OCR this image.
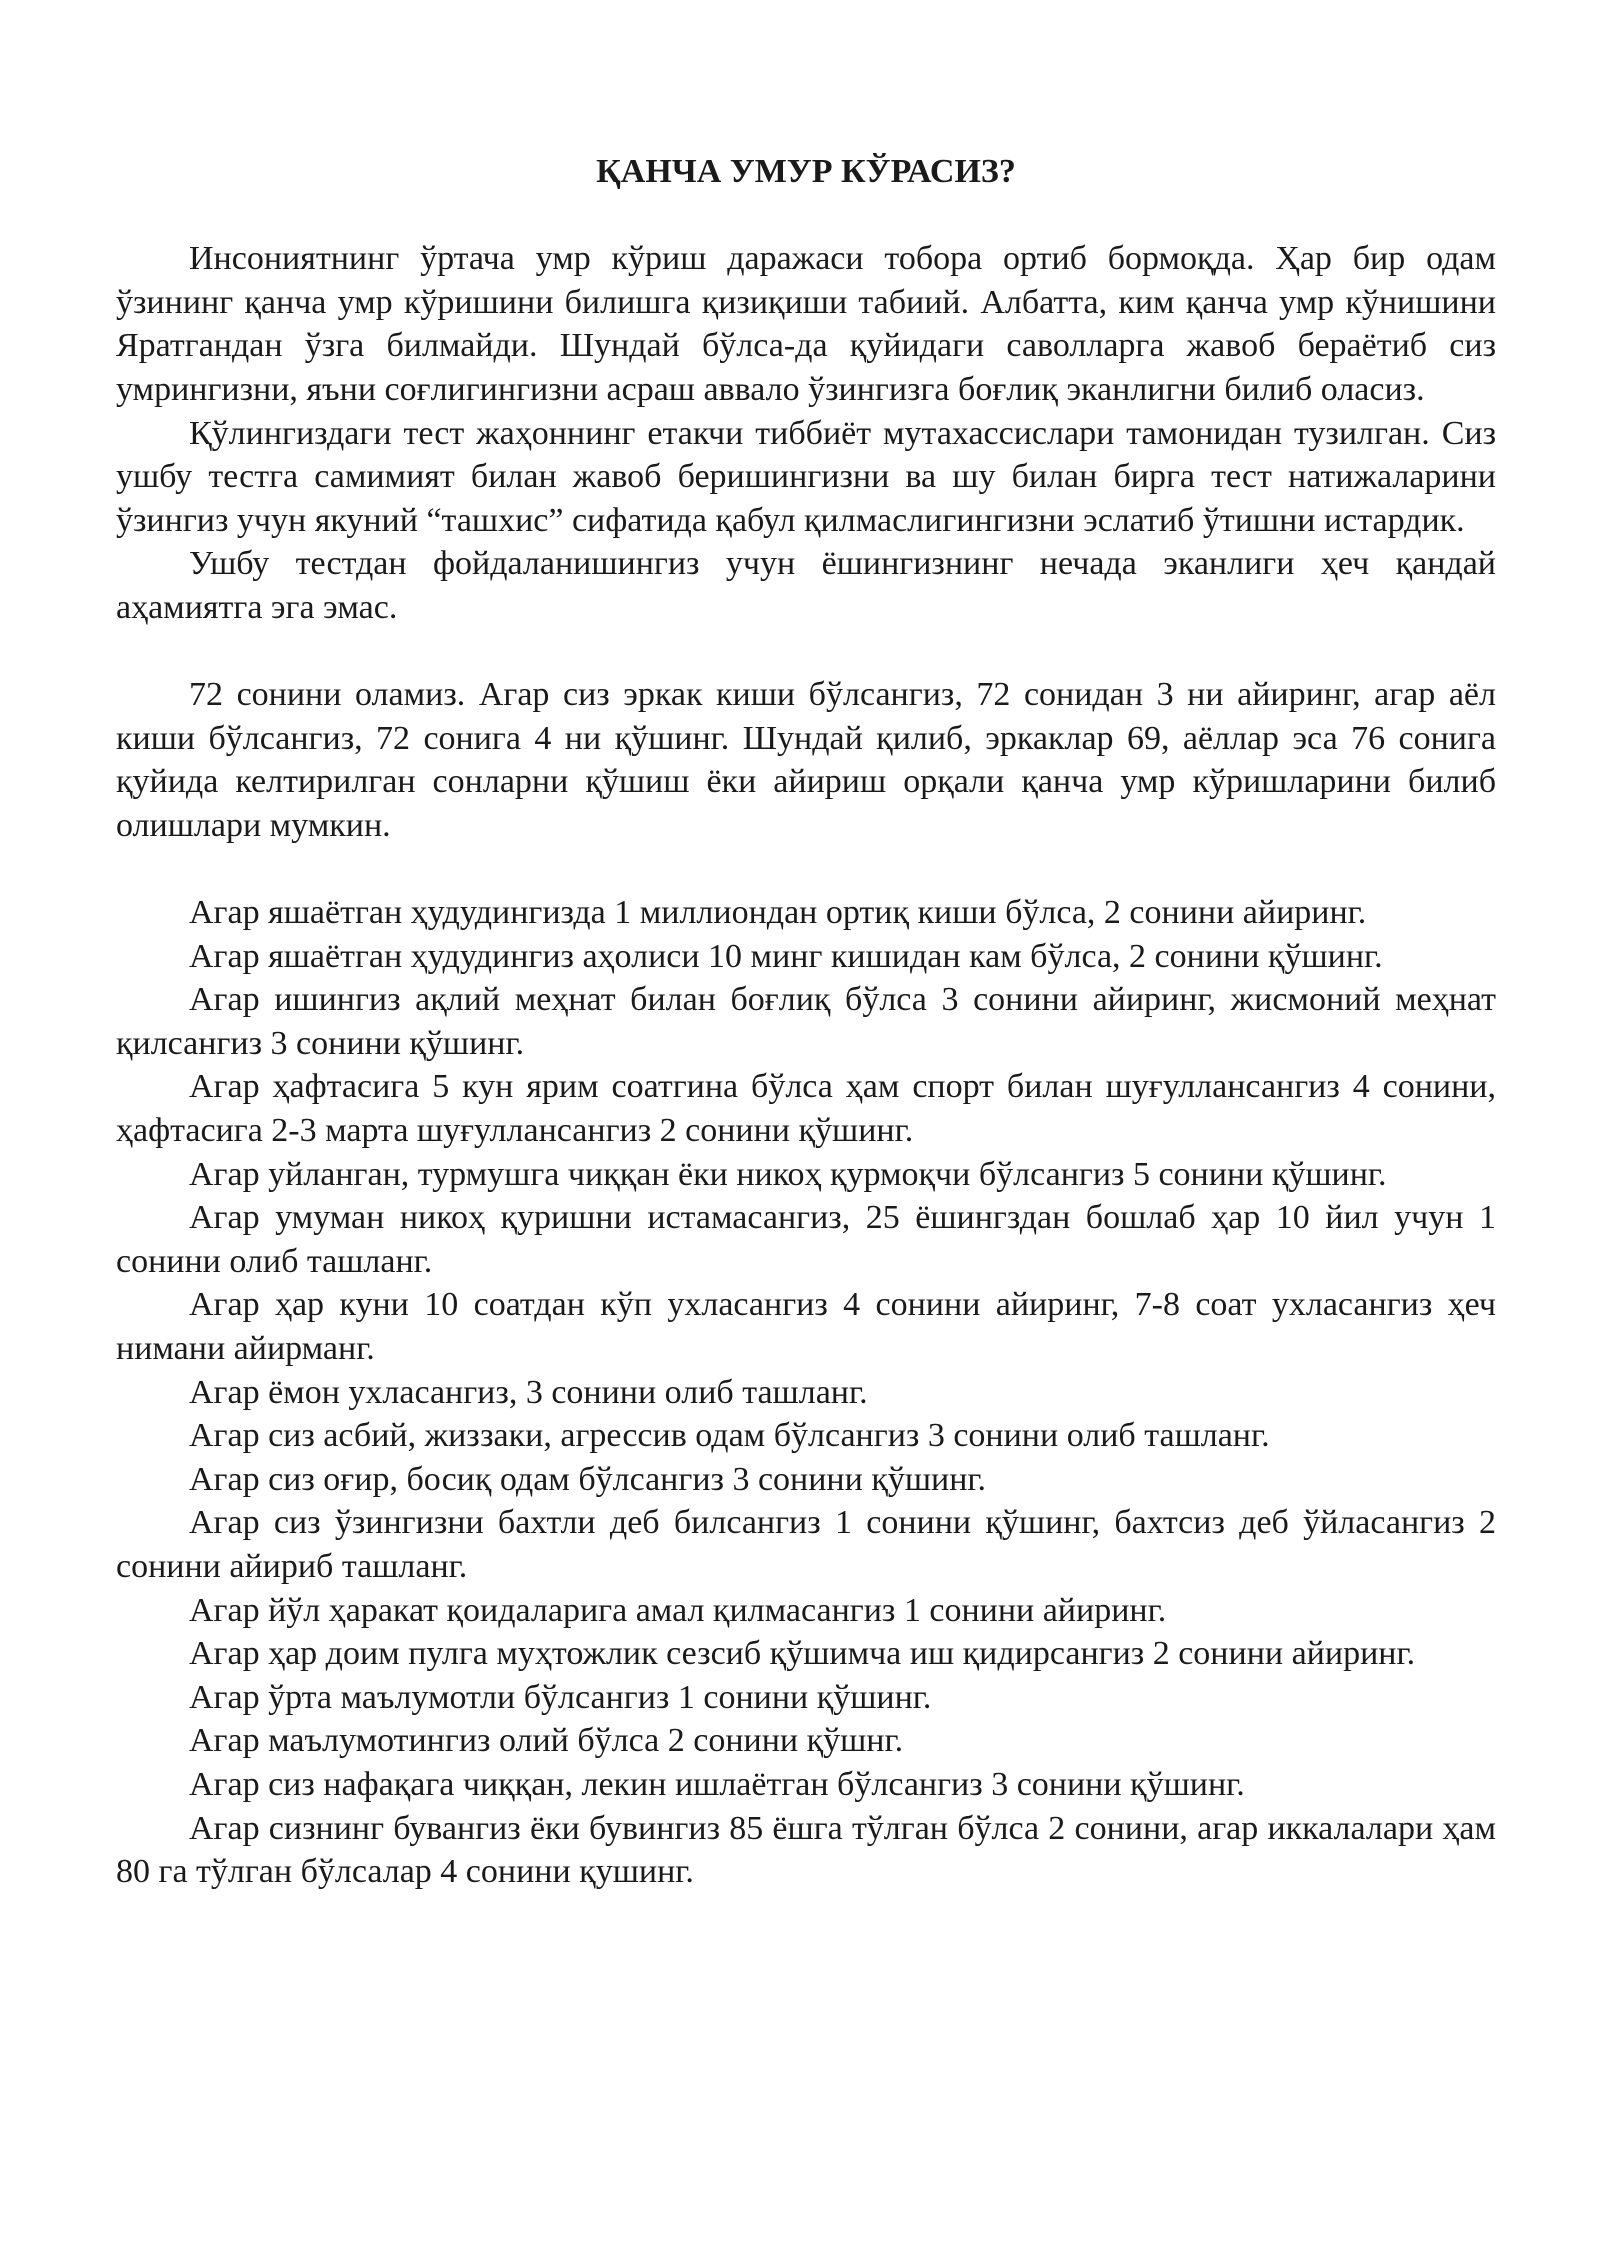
ҚАНЧА УМУР КЎРАСИЗ?

Инсониятнинг ўртача умр кўриш даражаси тобора ортиб бормоқда. Ҳар бир одам ўзининг қанча умр кўришини билишга қизиқиши табиий. Албатта, ким қанча умр кўнишини Яратгандан ўзга билмайди. Шундай бўлса-да қуйидаги саволларга жавоб бераётиб сиз умрингизни, яъни соғлигингизни асраш аввало ўзингизга боғлиқ эканлигни билиб оласиз.

Қўлингиздаги тест жаҳоннинг етакчи тиббиёт мутахассислари тамонидан тузилган. Сиз ушбу тестга самимият билан жавоб беришингизни ва шу билан бирга тест натижаларини ўзингиз учун якуний “ташхис” сифатида қабул қилмаслигингизни эслатиб ўтишни истардик.

Ушбу тестдан фойдаланишингиз учун ёшингизнинг нечада эканлиги ҳеч қандай аҳамиятга эга эмас.

72 сонини оламиз. Агар сиз эркак киши бўлсангиз, 72 сонидан 3 ни айиринг, агар аёл киши бўлсангиз, 72 сонига 4 ни қўшинг. Шундай қилиб, эркаклар 69, аёллар эса 76 сонига қуйида келтирилган сонларни қўшиш ёки айириш орқали қанча умр кўришларини билиб олишлари мумкин.

Агар яшаётган ҳудудингизда 1 миллиондан ортиқ киши бўлса, 2 сонини айиринг.

Агар яшаётган ҳудудингиз аҳолиси 10 минг кишидан кам бўлса, 2 сонини қўшинг.

Агар ишингиз ақлий меҳнат билан боғлиқ бўлса 3 сонини айиринг, жисмоний меҳнат қилсангиз 3 сонини қўшинг.

Агар ҳафтасига 5 кун ярим соатгина бўлса ҳам спорт билан шуғуллансангиз 4 сонини, ҳафтасига 2-3 марта шуғуллансангиз 2 сонини қўшинг.

Агар уйланган, турмушга чиққан ёки никоҳ қурмоқчи бўлсангиз 5 сонини қўшинг.

Агар умуман никоҳ қуришни истамасангиз, 25 ёшингздан бошлаб ҳар 10 йил учун 1 сонини олиб ташланг.

Агар ҳар куни 10 соатдан кўп ухласангиз 4 сонини айиринг, 7-8 соат ухласангиз ҳеч нимани айирманг.

Агар ёмон ухласангиз, 3 сонини олиб ташланг.

Агар сиз асбий, жиззаки, агрессив одам бўлсангиз 3 сонини олиб ташланг.

Агар сиз оғир, босиқ одам бўлсангиз 3 сонини қўшинг.

Агар сиз ўзингизни бахтли деб билсангиз 1 сонини қўшинг, бахтсиз деб ўйласангиз 2 сонини айириб ташланг.

Агар йўл ҳаракат қоидаларига амал қилмасангиз 1 сонини айиринг.

Агар ҳар доим пулга муҳтожлик сезсиб қўшимча иш қидирсангиз 2 сонини айиринг.

Агар ўрта маълумотли бўлсангиз 1 сонини қўшинг.

Агар маълумотингиз олий бўлса 2 сонини қўшнг.

Агар сиз нафақага чиққан, лекин ишлаётган бўлсангиз 3 сонини қўшинг.

Агар сизнинг бувангиз ёки бувингиз 85 ёшга тўлган бўлса 2 сонини, агар иккалалари ҳам 80 га тўлган бўлсалар 4 сонини қушинг.
